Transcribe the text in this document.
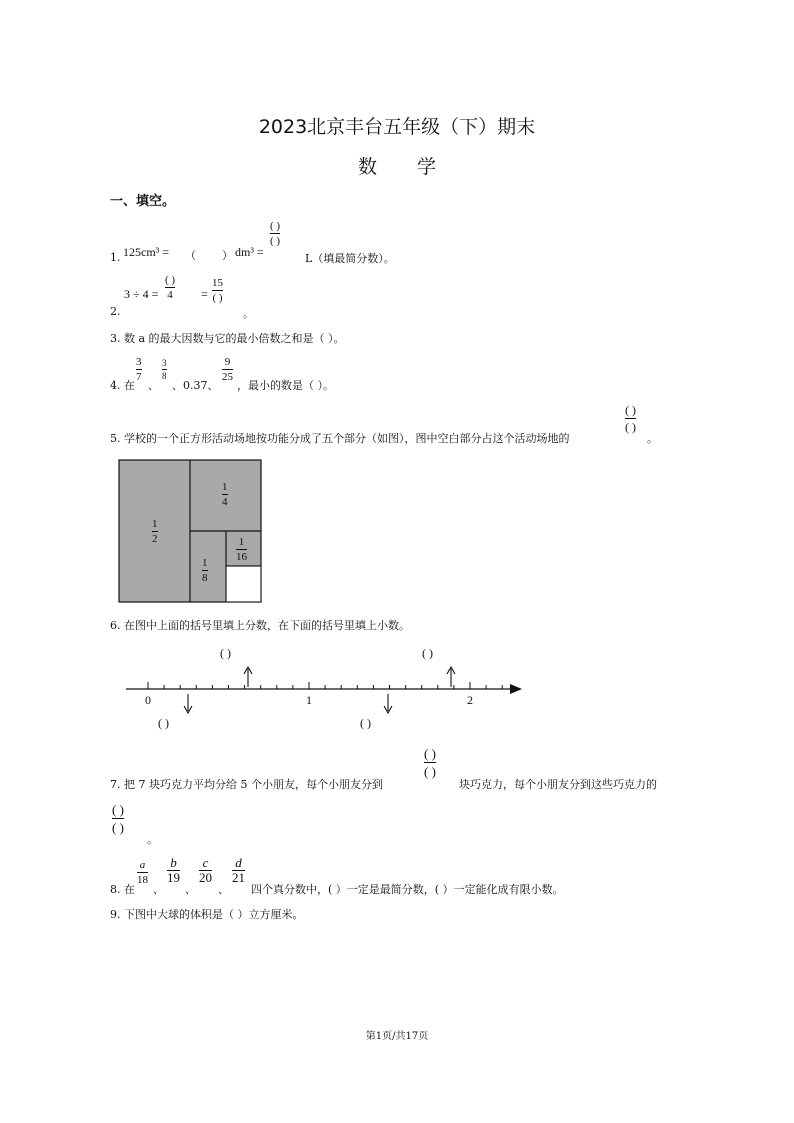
2023北京丰台五年级（下）期末
数学
一、填空。
1. 125cm³ = （ ） dm³ =
( )
( )
L（填最简分数）。
2.
3 ÷ 4 =
( )
4 =
15
( )
。
3. 数 a 的最大因数与它的最小倍数之和是（ ）。
4. 在
3
7
、
3
8
、0.37、
9
25
，最小的数是（ ）。
5. 学校的一个正方形活动场地按功能分成了五个部分（如图），图中空白部分占这个活动场地的
( )
( )
。
1
2
1
4
1
8
1
16
6. 在图中上面的括号里填上分数，在下面的括号里填上小数。
( )	( )
0	1	2
( )	( )
7. 把 7 块巧克力平均分给 5 个小朋友，每个小朋友分到
( )
( )
块巧克力，每个小朋友分到这些巧克力的
( )
( )
。
8. 在
a
18
、
b
19
、
c
20
、
d
21
四个真分数中，( ）一定是最简分数，( ）一定能化成有限小数。
9. 下图中大球的体积是（ ）立方厘米。
第1页/共17页
